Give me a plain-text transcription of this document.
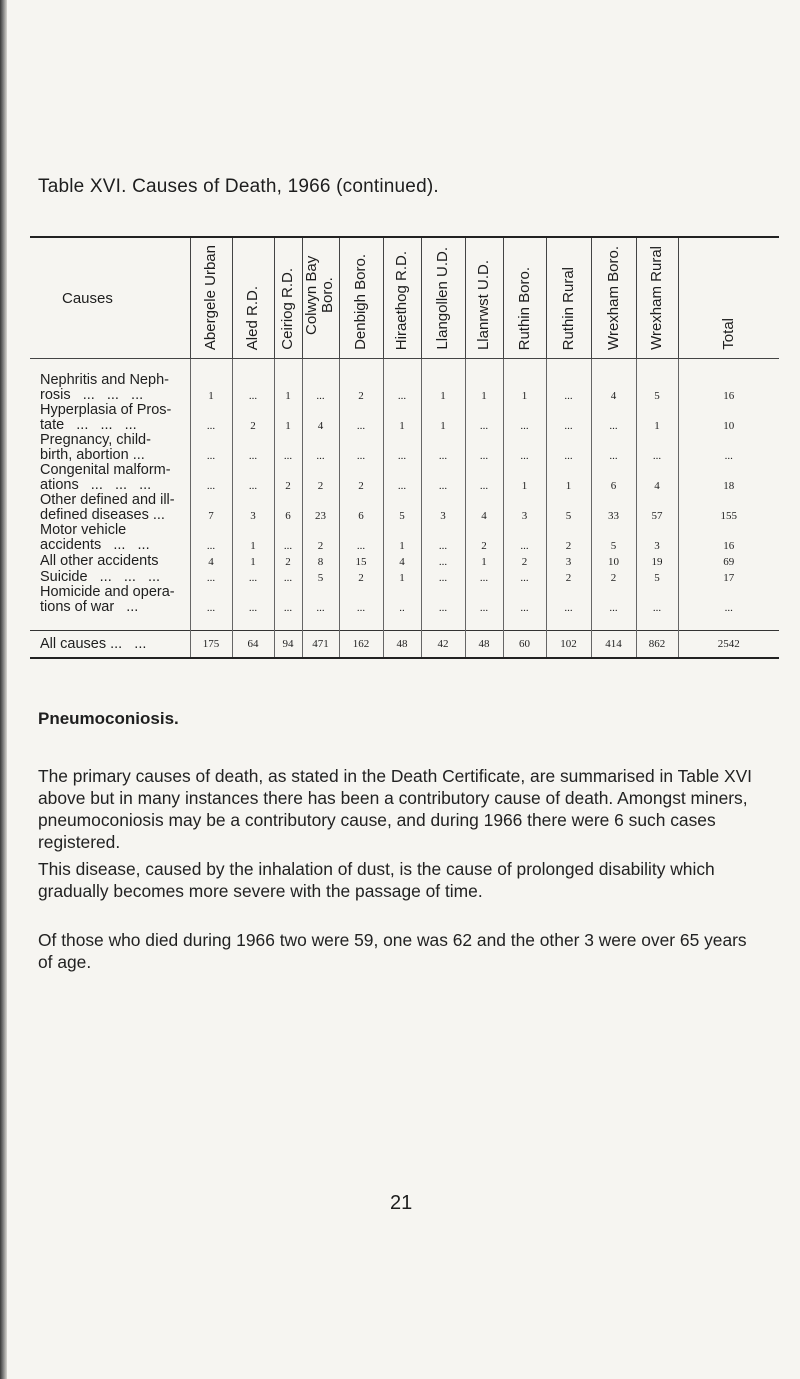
Table XVI. Causes of Death, 1966 (continued).
Causes	Abergele Urban	Aled R.D.	Ceiriog R.D.	Colwyn Bay Boro.	Denbigh Boro.	Hiraethog R.D.	Llangollen U.D.	Llanrwst U.D.	Ruthin Boro.	Ruthin Rural	Wrexham Boro.	Wrexham Rural	Total

Nephritis and Neph-
rosis   ...   ...   ...	1	...	1	...	2	...	1	1	1	...	4	5	16
Hyperplasia of Pros-
tate   ...   ...   ...	...	2	1	4	...	1	1	...	...	...	...	1	10
Pregnancy, child-
birth, abortion ...	...	...	...	...	...	...	...	...	...	...	...	...	...
Congenital malform-
ations   ...   ...   ...	...	...	2	2	2	...	...	...	1	1	6	4	18
Other defined and ill-
defined diseases ...	7	3	6	23	6	5	3	4	3	5	33	57	155
Motor vehicle
accidents   ...   ...	...	1	...	2	...	1	...	2	...	2	5	3	16
All other accidents	4	1	2	8	15	4	...	1	2	3	10	19	69
Suicide   ...   ...   ...	...	...	...	5	2	1	...	...	...	2	2	5	17
Homicide and opera-
tions of war   ...	...	...	...	...	...	..	...	...	...	...	...	...	...

All causes ...   ...	175	64	94	471	162	48	42	48	60	102	414	862	2542
Pneumoconiosis.

The primary causes of death, as stated in the Death Certificate, are summarised in Table XVI above but in many instances there has been a contributory cause of death. Amongst miners, pneumoconiosis may be a contributory cause, and during 1966 there were 6 such cases registered.

This disease, caused by the inhalation of dust, is the cause of prolonged disability which gradually becomes more severe with the passage of time.

Of those who died during 1966 two were 59, one was 62 and the other 3 were over 65 years of age.

21
